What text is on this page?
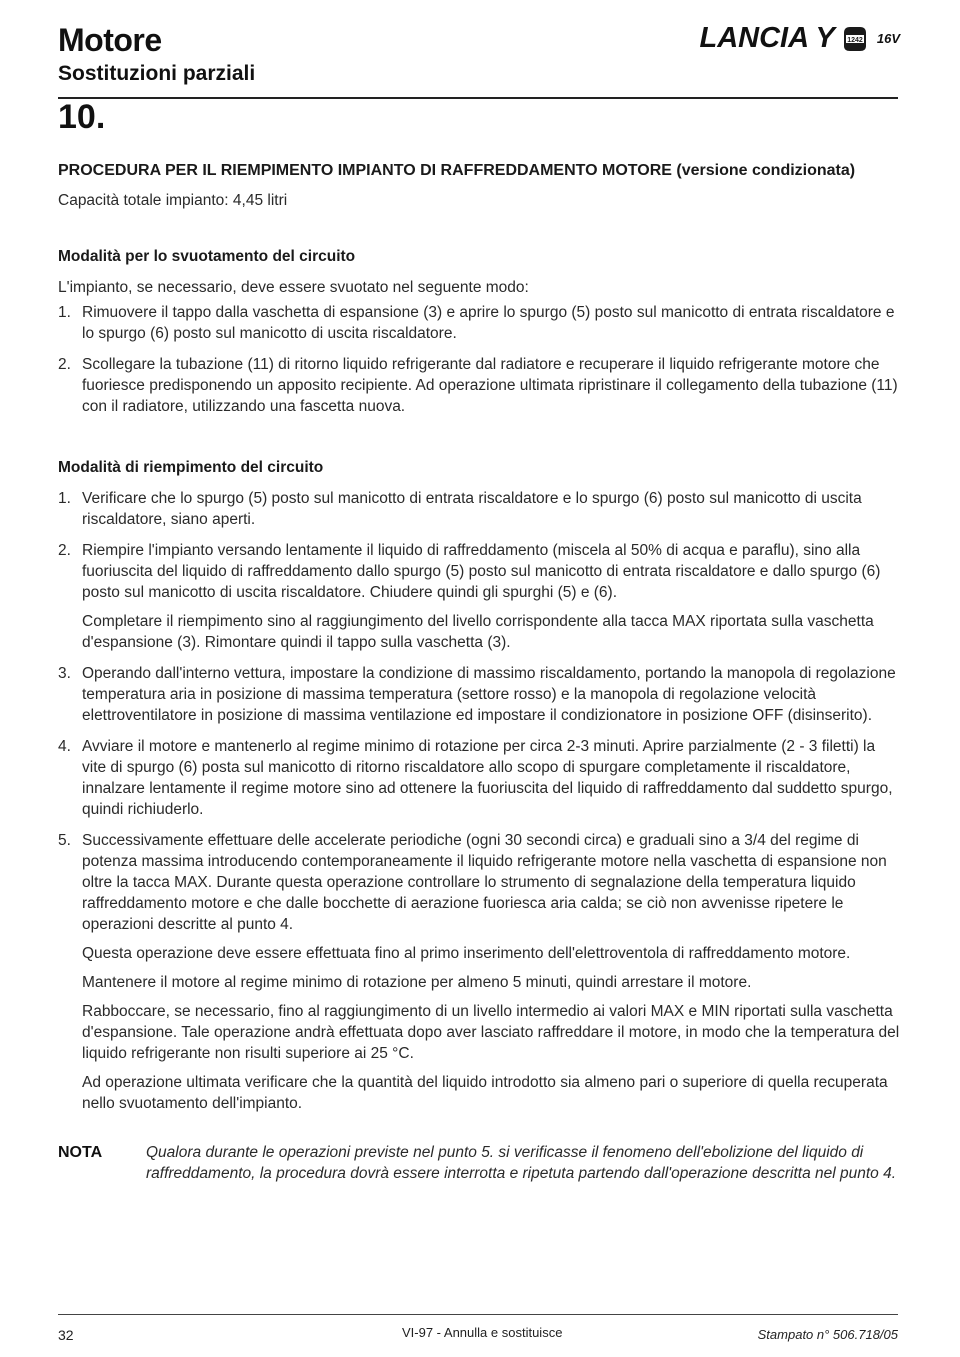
Motore
Sostituzioni parziali
LANCIA Y 1242 16V
10.

PROCEDURA PER IL RIEMPIMENTO IMPIANTO DI RAFFREDDAMENTO MOTORE (versione condizionata)

Capacità totale impianto: 4,45 litri

Modalità per lo svuotamento del circuito

L'impianto, se necessario, deve essere svuotato nel seguente modo:

1. Rimuovere il tappo dalla vaschetta di espansione (3) e aprire lo spurgo (5) posto sul manicotto di entrata riscaldatore e lo spurgo (6) posto sul manicotto di uscita riscaldatore.
2. Scollegare la tubazione (11) di ritorno liquido refrigerante dal radiatore e recuperare il liquido refrigerante motore che fuoriesce predisponendo un apposito recipiente. Ad operazione ultimata ripristinare il collegamento della tubazione (11) con il radiatore, utilizzando una fascetta nuova.

Modalità di riempimento del circuito

1. Verificare che lo spurgo (5) posto sul manicotto di entrata riscaldatore e lo spurgo (6) posto sul manicotto di uscita riscaldatore, siano aperti.
2. Riempire l'impianto versando lentamente il liquido di raffreddamento (miscela al 50% di acqua e paraflu), sino alla fuoriuscita del liquido di raffreddamento dallo spurgo (5) posto sul manicotto di entrata riscaldatore e dallo spurgo (6) posto sul manicotto di uscita riscaldatore. Chiudere quindi gli spurghi (5) e (6).

Completare il riempimento sino al raggiungimento del livello corrispondente alla tacca MAX riportata sulla vaschetta d'espansione (3). Rimontare quindi il tappo sulla vaschetta (3).

3. Operando dall'interno vettura, impostare la condizione di massimo riscaldamento, portando la manopola di regolazione temperatura aria in posizione di massima temperatura (settore rosso) e la manopola di regolazione velocità elettroventilatore in posizione di massima ventilazione ed impostare il condizionatore in posizione OFF (disinserito).
4. Avviare il motore e mantenerlo al regime minimo di rotazione per circa 2-3 minuti. Aprire parzialmente (2 - 3 filetti) la vite di spurgo (6) posta sul manicotto di ritorno riscaldatore allo scopo di spurgare completamente il riscaldatore, innalzare lentamente il regime motore sino ad ottenere la fuoriuscita del liquido di raffreddamento dal suddetto spurgo, quindi richiuderlo.
5. Successivamente effettuare delle accelerate periodiche (ogni 30 secondi circa) e graduali sino a 3/4 del regime di potenza massima introducendo contemporaneamente il liquido refrigerante motore nella vaschetta di espansione non oltre la tacca MAX. Durante questa operazione controllare lo strumento di segnalazione della temperatura liquido raffreddamento motore e che dalle bocchette di aerazione fuoriesca aria calda; se ciò non avvenisse ripetere le operazioni descritte al punto 4.

Questa operazione deve essere effettuata fino al primo inserimento dell'elettroventola di raffreddamento motore.

Mantenere il motore al regime minimo di rotazione per almeno 5 minuti, quindi arrestare il motore.

Rabboccare, se necessario, fino al raggiungimento di un livello intermedio ai valori MAX e MIN riportati sulla vaschetta d'espansione. Tale operazione andrà effettuata dopo aver lasciato raffreddare il motore, in modo che la temperatura del liquido refrigerante non risulti superiore ai 25 °C.

Ad operazione ultimata verificare che la quantità del liquido introdotto sia almeno pari o superiore di quella recuperata nello svuotamento dell'impianto.

NOTA	Qualora durante le operazioni previste nel punto 5. si verificasse il fenomeno dell'ebolizione del liquido di raffreddamento, la procedura dovrà essere interrotta e ripetuta partendo dall'operazione descritta nel punto 4.
32	VI-97 - Annulla e sostituisce	Stampato n° 506.718/05
